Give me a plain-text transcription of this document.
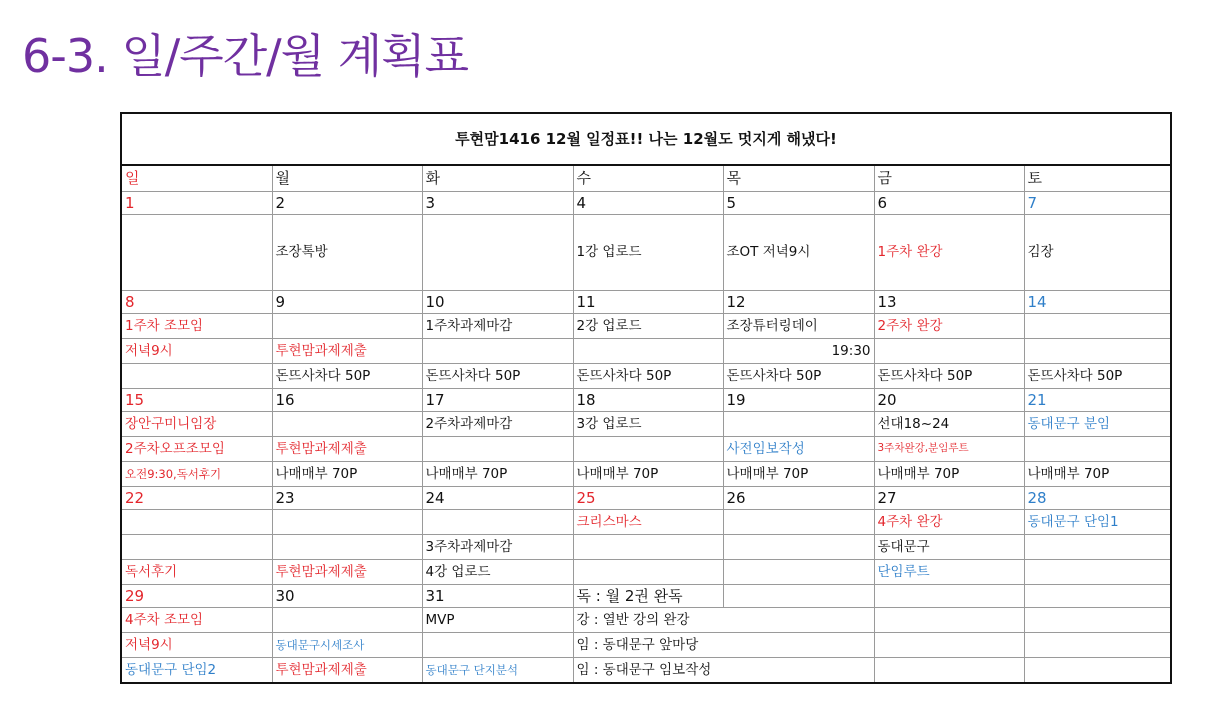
6-3. 일/주간/월 계획표
투현맘1416 12월 일정표!! 나는 12월도 멋지게 해냈다!						
일	월	화	수	목	금	토
1	2	3	4	5	6	7
	조장톡방		1강 업로드	조OT 저녁9시	1주차 완강	김장
8	9	10	11	12	13	14
1주차 조모임		1주차과제마감	2강 업로드	조장튜터링데이	2주차 완강	
저녁9시	투현맘과제제출			19:30		
	돈뜨사차다 50P	돈뜨사차다 50P	돈뜨사차다 50P	돈뜨사차다 50P	돈뜨사차다 50P	돈뜨사차다 50P
15	16	17	18	19	20	21
장안구미니임장		2주차과제마감	3강 업로드		선대18~24	동대문구 분임
2주차오프조모임	투현맘과제제출			사전임보작성	3주차완강,분임루트	
오전9:30,독서후기	나매매부 70P	나매매부 70P	나매매부 70P	나매매부 70P	나매매부 70P	나매매부 70P
22	23	24	25	26	27	28
			크리스마스		4주차 완강	동대문구 단임1
		3주차과제마감			동대문구	
독서후기	투현맘과제제출	4강 업로드			단임루트	
29	30	31	독 : 월 2권 완독			
4주차 조모임		MVP	강 : 열반 강의 완강			
저녁9시	동대문구시세조사		임 : 동대문구 앞마당			
동대문구 단임2	투현맘과제제출	동대문구 단지분석	임 : 동대문구 임보작성			
